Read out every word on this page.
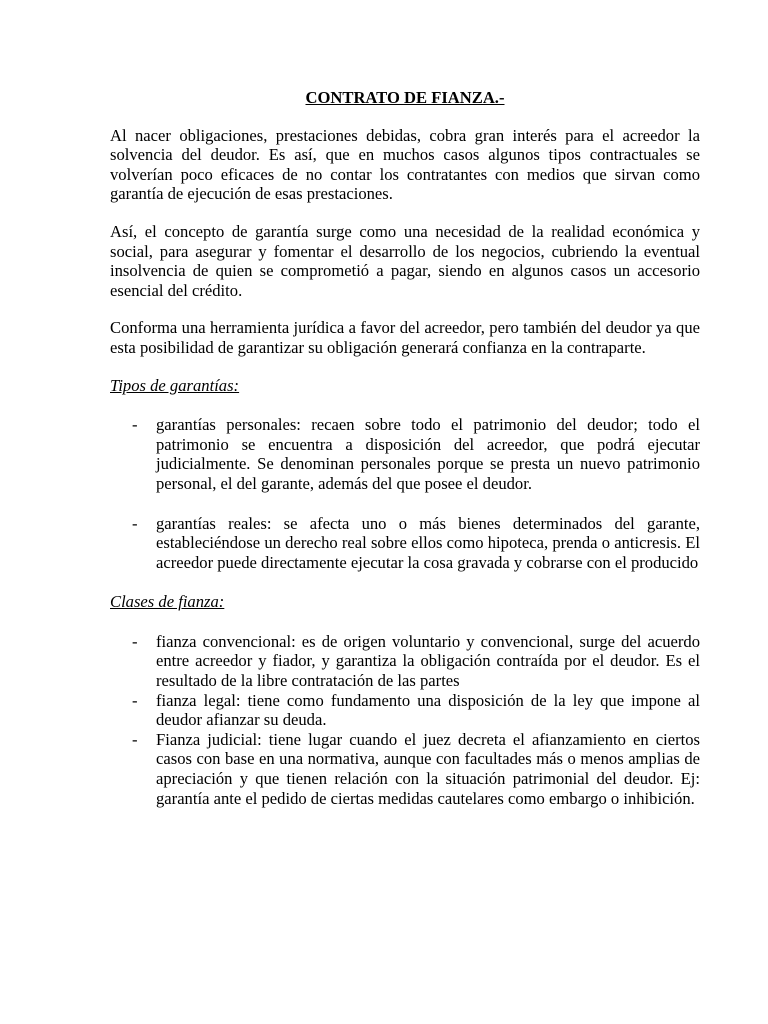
CONTRATO DE FIANZA.-

Al nacer obligaciones, prestaciones debidas, cobra gran interés para el acreedor la solvencia del deudor. Es así, que en muchos casos algunos tipos contractuales se volverían poco eficaces de no contar los contratantes con medios que sirvan como garantía de ejecución de esas prestaciones.

Así, el concepto de garantía surge como una necesidad de la realidad económica y social, para asegurar y fomentar el desarrollo de los negocios, cubriendo la eventual insolvencia de quien se comprometió a pagar, siendo en algunos casos un accesorio esencial del crédito.

Conforma una herramienta jurídica a favor del acreedor, pero también del deudor ya que esta posibilidad de garantizar su obligación generará confianza en la contraparte.

Tipos de garantías:
- garantías personales: recaen sobre todo el patrimonio del deudor; todo el patrimonio se encuentra a disposición del acreedor, que podrá ejecutar judicialmente. Se denominan personales porque se presta un nuevo patrimonio personal, el del garante, además del que posee el deudor.
- garantías reales: se afecta uno o más bienes determinados del garante, estableciéndose un derecho real sobre ellos como hipoteca, prenda o anticresis. El acreedor puede directamente ejecutar la cosa gravada y cobrarse con el producido
Clases de fianza:
- fianza convencional: es de origen voluntario y convencional, surge del acuerdo entre acreedor y fiador, y garantiza la obligación contraída por el deudor. Es el resultado de la libre contratación de las partes
- fianza legal: tiene como fundamento una disposición de la ley que impone al deudor afianzar su deuda.
- Fianza judicial: tiene lugar cuando el juez decreta el afianzamiento en ciertos casos con base en una normativa, aunque con facultades más o menos amplias de apreciación y que tienen relación con la situación patrimonial del deudor. Ej: garantía ante el pedido de ciertas medidas cautelares como embargo o inhibición.
